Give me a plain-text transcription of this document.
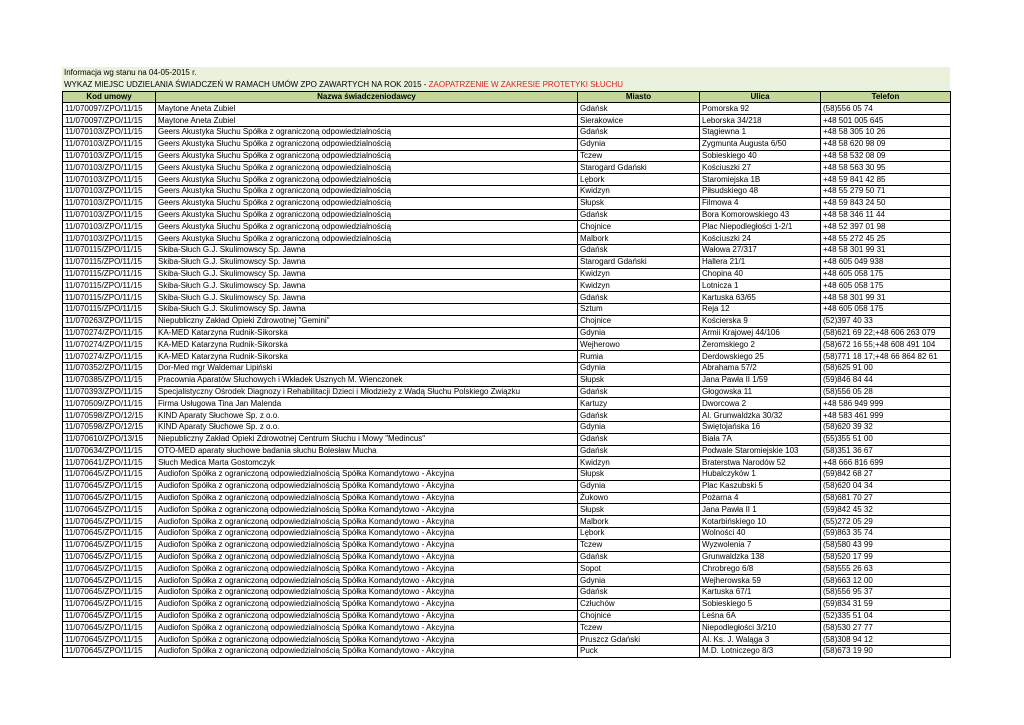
Informacja wg stanu na 04-05-2015 r.
WYKAZ MIEJSC UDZIELANIA ŚWIADCZEŃ W RAMACH UMÓW ZPO ZAWARTYCH NA ROK 2015 - ZAOPATRZENIE W ZAKRESIE PROTETYKI SŁUCHU
Kod umowy	Nazwa świadczeniodawcy	Miasto	Ulica	Telefon
11/070097/ZPO/11/15	Maytone Aneta Zubiel	Gdańsk	Pomorska 92	(58)556 05 74
11/070097/ZPO/11/15	Maytone Aneta Zubiel	Sierakowice	Leborska 34/218	+48 501 005 645
11/070103/ZPO/11/15	Geers Akustyka Słuchu Spółka z ograniczoną odpowiedzialnością	Gdańsk	Stągiewna 1	+48 58 305 10 26
11/070103/ZPO/11/15	Geers Akustyka Słuchu Spółka z ograniczoną odpowiedzialnością	Gdynia	Zygmunta Augusta 6/50	+48 58 620 98 09
11/070103/ZPO/11/15	Geers Akustyka Słuchu Spółka z ograniczoną odpowiedzialnością	Tczew	Sobieskiego 40	+48 58 532 08 09
11/070103/ZPO/11/15	Geers Akustyka Słuchu Spółka z ograniczoną odpowiedzialnością	Starogard Gdański	Kościuszki 27	+48 58 563 30 95
11/070103/ZPO/11/15	Geers Akustyka Słuchu Spółka z ograniczoną odpowiedzialnością	Lębork	Staromiejska 1B	+48 59 841 42 85
11/070103/ZPO/11/15	Geers Akustyka Słuchu Spółka z ograniczoną odpowiedzialnością	Kwidzyn	Piłsudskiego 48	+48 55 279 50 71
11/070103/ZPO/11/15	Geers Akustyka Słuchu Spółka z ograniczoną odpowiedzialnością	Słupsk	Filmowa 4	+48 59 843 24 50
11/070103/ZPO/11/15	Geers Akustyka Słuchu Spółka z ograniczoną odpowiedzialnością	Gdańsk	Bora Komorowskiego 43	+48 58 346 11 44
11/070103/ZPO/11/15	Geers Akustyka Słuchu Spółka z ograniczoną odpowiedzialnością	Chojnice	Plac Niepodległości 1-2/1	+48 52 397 01 98
11/070103/ZPO/11/15	Geers Akustyka Słuchu Spółka z ograniczoną odpowiedzialnością	Malbork	Kościuszki 24	+48 55 272 45 25
11/070115/ZPO/11/15	Skiba-Słuch G.J. Skulimowscy Sp. Jawna	Gdańsk	Wałowa 27/317	+48 58 301 99 31
11/070115/ZPO/11/15	Skiba-Słuch G.J. Skulimowscy Sp. Jawna	Starogard Gdański	Hallera 21/1	+48 605 049 938
11/070115/ZPO/11/15	Skiba-Słuch G.J. Skulimowscy Sp. Jawna	Kwidzyn	Chopina 40	+48 605 058 175
11/070115/ZPO/11/15	Skiba-Słuch G.J. Skulimowscy Sp. Jawna	Kwidzyn	Lotnicza 1	+48 605 058 175
11/070115/ZPO/11/15	Skiba-Słuch G.J. Skulimowscy Sp. Jawna	Gdańsk	Kartuska 63/65	+48 58 301 99 31
11/070115/ZPO/11/15	Skiba-Słuch G.J. Skulimowscy Sp. Jawna	Sztum	Reja 12	+48 605 058 175
11/070263/ZPO/11/15	Niepubliczny Zakład Opieki Zdrowotnej "Gemini"	Chojnice	Kościerska 9	(52)397 40 33
11/070274/ZPO/11/15	KA-MED Katarzyna Rudnik-Sikorska	Gdynia	Armii Krajowej 44/106	(58)621 69 22;+48 606 263 079
11/070274/ZPO/11/15	KA-MED Katarzyna Rudnik-Sikorska	Wejherowo	Żeromskiego 2	(58)672 16 55;+48 608 491 104
11/070274/ZPO/11/15	KA-MED Katarzyna Rudnik-Sikorska	Rumia	Derdowskiego 25	(58)771 18 17;+48 66 864 82 61
11/070352/ZPO/11/15	Dor-Med mgr Waldemar Lipiński	Gdynia	Abrahama 57/2	(58)625 91 00
11/070385/ZPO/11/15	Pracownia Aparatów Słuchowych i Wkładek Usznych M. Wienczonek	Słupsk	Jana Pawła II 1/59	(59)846 84 44
11/070393/ZPO/11/15	Specjalistyczny Ośrodek Diagnozy i Rehabilitacji Dzieci i Młodzieży z Wadą Słuchu Polskiego Związku	Gdańsk	Głogowska 11	(58)556 05 28
11/070509/ZPO/11/15	Firma Usługowa Tina Jan Malenda	Kartuzy	Dworcowa 2	+48 586 949 999
11/070598/ZPO/12/15	KIND Aparaty Słuchowe Sp. z o.o.	Gdańsk	Al. Grunwaldzka 30/32	+48 583 461 999
11/070598/ZPO/12/15	KIND Aparaty Słuchowe Sp. z o.o.	Gdynia	Świętojańska 16	(58)620 39 32
11/070610/ZPO/13/15	Niepubliczny Zakład Opieki Zdrowotnej Centrum Słuchu i Mowy "Medincus"	Gdańsk	Biała 7A	(55)355 51 00
11/070634/ZPO/11/15	OTO-MED aparaty słuchowe badania słuchu Bolesław Mucha	Gdańsk	Podwale Staromiejskie 103	(58)351 36 67
11/070641/ZPO/11/15	Słuch Medica Marta Gostomczyk	Kwidzyn	Braterstwa Narodów 52	+48 666 816 699
11/070645/ZPO/11/15	Audiofon Spółka z ograniczoną odpowiedzialnością Spółka Komandytowo - Akcyjna	Słupsk	Hubalczyków 1	(59)842 68 27
11/070645/ZPO/11/15	Audiofon Spółka z ograniczoną odpowiedzialnością Spółka Komandytowo - Akcyjna	Gdynia	Plac Kaszubski 5	(58)620 04 34
11/070645/ZPO/11/15	Audiofon Spółka z ograniczoną odpowiedzialnością Spółka Komandytowo - Akcyjna	Żukowo	Pożarna 4	(58)681 70 27
11/070645/ZPO/11/15	Audiofon Spółka z ograniczoną odpowiedzialnością Spółka Komandytowo - Akcyjna	Słupsk	Jana Pawła II 1	(59)842 45 32
11/070645/ZPO/11/15	Audiofon Spółka z ograniczoną odpowiedzialnością Spółka Komandytowo - Akcyjna	Malbork	Kotarbińskiego 10	(55)272 05 29
11/070645/ZPO/11/15	Audiofon Spółka z ograniczoną odpowiedzialnością Spółka Komandytowo - Akcyjna	Lębork	Wolności 40	(59)863 35 74
11/070645/ZPO/11/15	Audiofon Spółka z ograniczoną odpowiedzialnością Spółka Komandytowo - Akcyjna	Tczew	Wyzwolenia 7	(58)580 43 99
11/070645/ZPO/11/15	Audiofon Spółka z ograniczoną odpowiedzialnością Spółka Komandytowo - Akcyjna	Gdańsk	Grunwaldzka 138	(58)520 17 99
11/070645/ZPO/11/15	Audiofon Spółka z ograniczoną odpowiedzialnością Spółka Komandytowo - Akcyjna	Sopot	Chrobrego 6/8	(58)555 26 63
11/070645/ZPO/11/15	Audiofon Spółka z ograniczoną odpowiedzialnością Spółka Komandytowo - Akcyjna	Gdynia	Wejherowska 59	(58)663 12 00
11/070645/ZPO/11/15	Audiofon Spółka z ograniczoną odpowiedzialnością Spółka Komandytowo - Akcyjna	Gdańsk	Kartuska 67/1	(58)556 95 37
11/070645/ZPO/11/15	Audiofon Spółka z ograniczoną odpowiedzialnością Spółka Komandytowo - Akcyjna	Człuchów	Sobieskiego 5	(59)834 31 59
11/070645/ZPO/11/15	Audiofon Spółka z ograniczoną odpowiedzialnością Spółka Komandytowo - Akcyjna	Chojnice	Leśna 6A	(52)335 51 04
11/070645/ZPO/11/15	Audiofon Spółka z ograniczoną odpowiedzialnością Spółka Komandytowo - Akcyjna	Tczew	Niepodległości 3/210	(58)530 27 77
11/070645/ZPO/11/15	Audiofon Spółka z ograniczoną odpowiedzialnością Spółka Komandytowo - Akcyjna	Pruszcz Gdański	Al. Ks. J. Waląga 3	(58)308 94 12
11/070645/ZPO/11/15	Audiofon Spółka z ograniczoną odpowiedzialnością Spółka Komandytowo - Akcyjna	Puck	M.D. Lotniczego 8/3	(58)673 19 90
